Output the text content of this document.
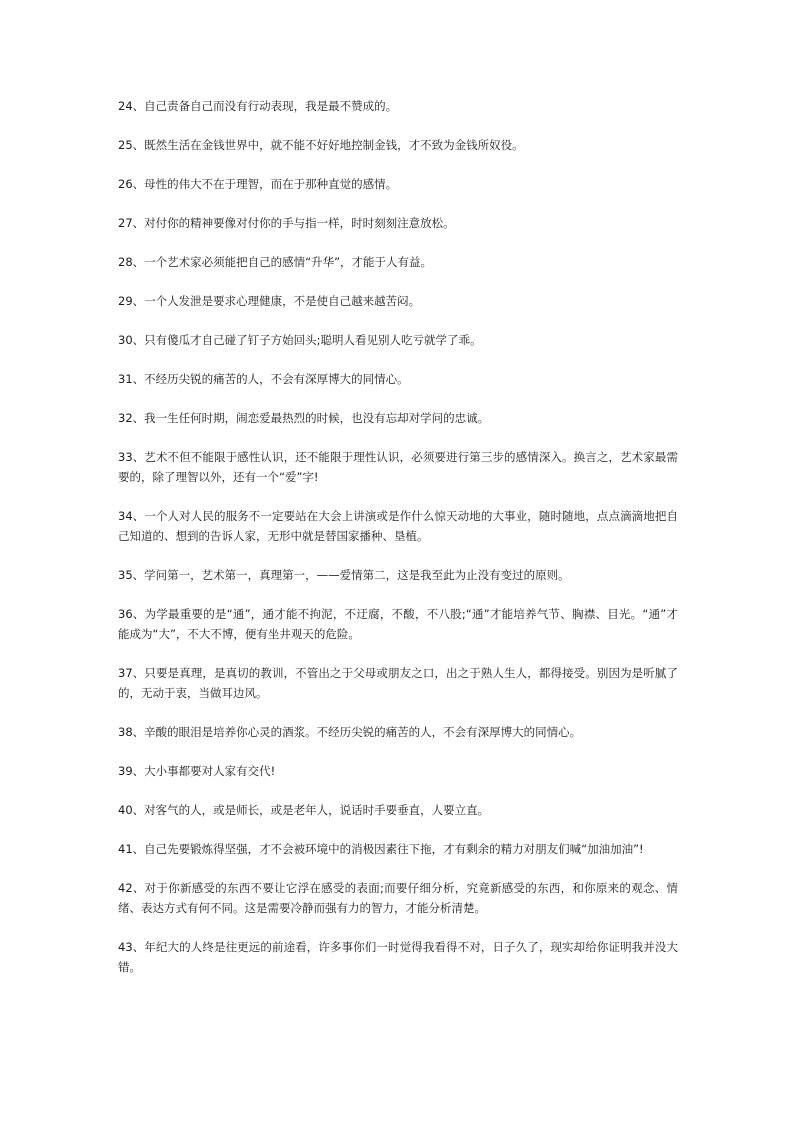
24、自己责备自己而没有行动表现，我是最不赞成的。

25、既然生活在金钱世界中，就不能不好好地控制金钱，才不致为金钱所奴役。

26、母性的伟大不在于理智，而在于那种直觉的感情。

27、对付你的精神要像对付你的手与指一样，时时刻刻注意放松。

28、一个艺术家必须能把自己的感情“升华”，才能于人有益。

29、一个人发泄是要求心理健康，不是使自己越来越苦闷。

30、只有傻瓜才自己碰了钉子方始回头;聪明人看见别人吃亏就学了乖。

31、不经历尖锐的痛苦的人，不会有深厚博大的同情心。

32、我一生任何时期，闹恋爱最热烈的时候，也没有忘却对学问的忠诚。

33、艺术不但不能限于感性认识，还不能限于理性认识，必须要进行第三步的感情深入。换言之，艺术家最需要的，除了理智以外，还有一个“爱”字!

34、一个人对人民的服务不一定要站在大会上讲演或是作什么惊天动地的大事业，随时随地，点点滴滴地把自己知道的、想到的告诉人家，无形中就是替国家播种、垦植。

35、学问第一，艺术第一，真理第一，——爱情第二，这是我至此为止没有变过的原则。

36、为学最重要的是“通”，通才能不拘泥，不迂腐，不酸，不八股;“通”才能培养气节、胸襟、目光。“通”才能成为“大”，不大不博，便有坐井观天的危险。

37、只要是真理，是真切的教训，不管出之于父母或朋友之口，出之于熟人生人，都得接受。别因为是听腻了的，无动于衷，当做耳边风。

38、辛酸的眼泪是培养你心灵的酒浆。不经历尖锐的痛苦的人，不会有深厚博大的同情心。

39、大小事都要对人家有交代!

40、对客气的人，或是师长，或是老年人，说话时手要垂直，人要立直。

41、自己先要锻炼得坚强，才不会被环境中的消极因素往下拖，才有剩余的精力对朋友们喊“加油加油”!

42、对于你新感受的东西不要让它浮在感受的表面;而要仔细分析，究竟新感受的东西，和你原来的观念、情绪、表达方式有何不同。这是需要冷静而强有力的智力，才能分析清楚。

43、年纪大的人终是往更远的前途看，许多事你们一时觉得我看得不对，日子久了，现实却给你证明我并没大错。
